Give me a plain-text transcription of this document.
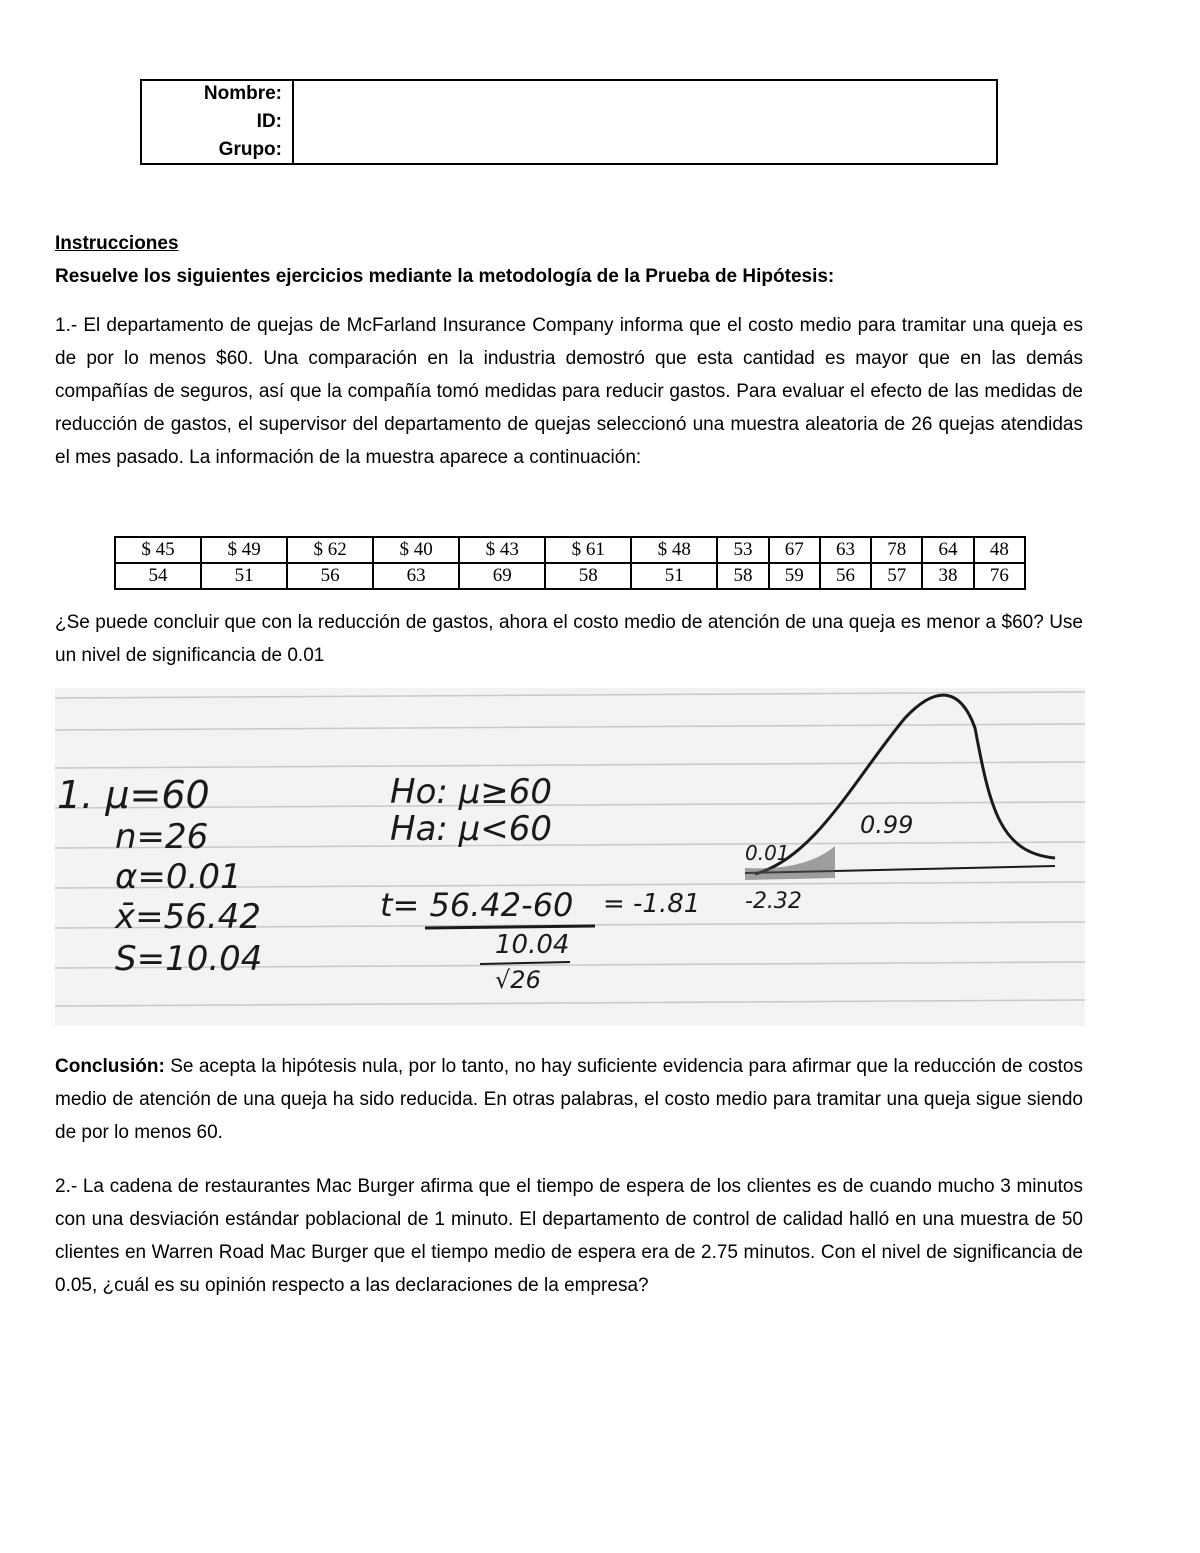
Nombre:
ID:
Grupo:
Instrucciones
Resuelve los siguientes ejercicios mediante la metodología de la Prueba de Hipótesis:
1.- El departamento de quejas de McFarland Insurance Company informa que el costo medio para tramitar una queja es de por lo menos $60. Una comparación en la industria demostró que esta cantidad es mayor que en las demás compañías de seguros, así que la compañía tomó medidas para reducir gastos. Para evaluar el efecto de las medidas de reducción de gastos, el supervisor del departamento de quejas seleccionó una muestra aleatoria de 26 quejas atendidas el mes pasado. La información de la muestra aparece a continuación:
$ 45	$ 49	$ 62	$ 40	$ 43	$ 61	$ 48	53	67	63	78	64	48
54	51	56	63	69	58	51	58	59	56	57	38	76
¿Se puede concluir que con la reducción de gastos, ahora el costo medio de atención de una queja es menor a $60? Use un nivel de significancia de 0.01
1. μ=60
n=26
α=0.01
x̄=56.42
S=10.04
Ho: μ≥60
Ha: μ<60
t= 56.42-60 = -1.81
10.04
√26
0.01
0.99
-2.32
Conclusión: Se acepta la hipótesis nula, por lo tanto, no hay suficiente evidencia para afirmar que la reducción de costos medio de atención de una queja ha sido reducida. En otras palabras, el costo medio para tramitar una queja sigue siendo de por lo menos 60.
2.- La cadena de restaurantes Mac Burger afirma que el tiempo de espera de los clientes es de cuando mucho 3 minutos con una desviación estándar poblacional de 1 minuto. El departamento de control de calidad halló en una muestra de 50 clientes en Warren Road Mac Burger que el tiempo medio de espera era de 2.75 minutos. Con el nivel de significancia de 0.05, ¿cuál es su opinión respecto a las declaraciones de la empresa?
